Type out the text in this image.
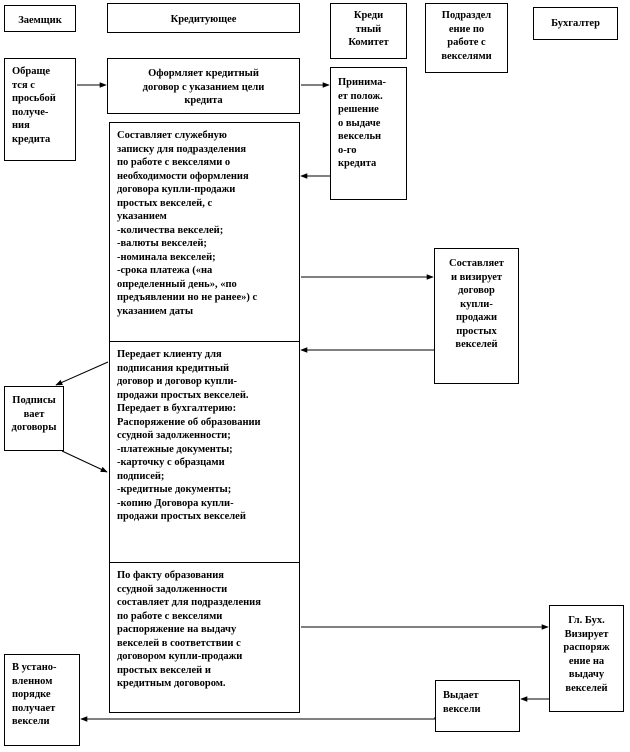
Заемщик	Кредитующее	Креди
тный
Комитет

Подраздел
ение по
работе с
векселями

Бухгалтер

Обраще
тся с
просьбой
получе-
ния
кредита

Оформляет кредитный
договор с указанием цели
кредита

Принима-
ет полож.
решение
о выдаче
вексельн
о-го
кредита

Составляет служебную
записку для подразделения
по работе с векселями о
необходимости оформления
договора купли-продажи
простых векселей, с
указанием
-количества векселей;
-валюты векселей;
-номинала векселей;
-срока платежа («на
определенный день», «по
предъявлении но не ранее») с
указанием даты

Составляет
и визирует
договор
купли-
продажи
простых
векселей

Передает клиенту для
подписания кредитный
договор и договор купли-
продажи простых векселей.
Передает в бухгалтерию:
Распоряжение об образовании
ссудной задолженности;
-платежные документы;
-карточку с образцами
подписей;
-кредитные документы;
-копию Договора купли-
продажи простых векселей

Подписы
вает
договоры

По факту образования
ссудной задолженности
составляет для подразделения
по работе с векселями
распоряжение на выдачу
векселей в соответствии с
договором купли-продажи
простых векселей и
кредитным договором.

Гл. Бух.
Визирует
распоряж
ение на
выдачу
векселей

Выдает
вексели

В устано-
вленном
порядке
получает
вексели
